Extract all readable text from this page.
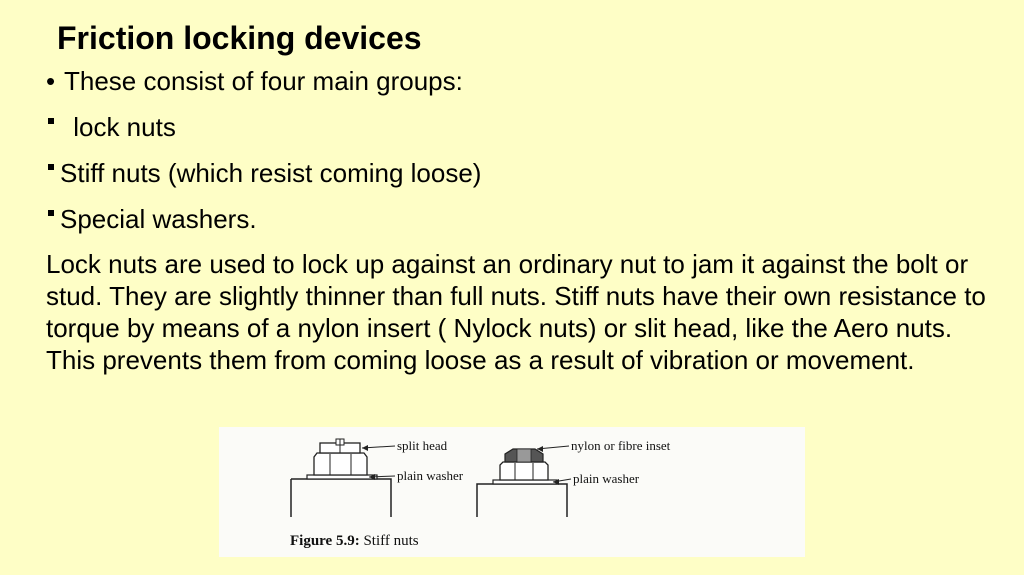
Friction locking devices
• These consist of four main groups:
lock nuts
Stiff nuts (which resist coming loose)
Special washers.

Lock nuts are used to lock up against an ordinary nut to jam it against the bolt or stud. They are slightly thinner than full nuts. Stiff nuts have their own resistance to torque by means of a nylon insert ( Nylock nuts) or slit head, like the Aero nuts. This prevents them from coming loose as a result of vibration or movement.

split head
plain washer
nylon or fibre inset
plain washer
Figure 5.9: Stiff nuts
